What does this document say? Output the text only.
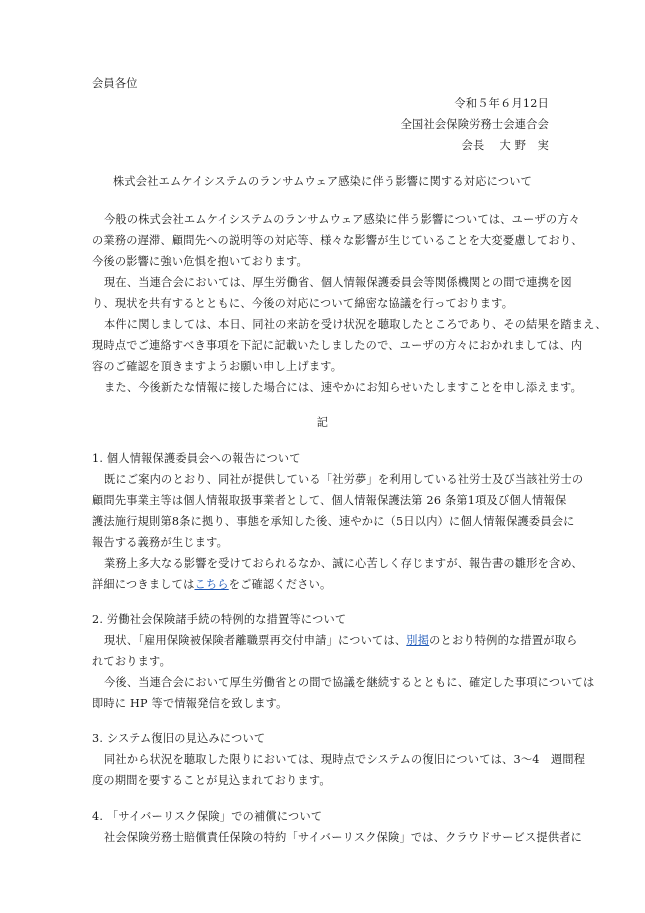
会員各位
令和５年６月12日
全国社会保険労務士会連合会
会長　 大 野　実
株式会社エムケイシステムのランサムウェア感染に伴う影響に関する対応について
今般の株式会社エムケイシステムのランサムウェア感染に伴う影響については、ユーザの方々
の業務の遅滞、顧問先への説明等の対応等、様々な影響が生じていることを大変憂慮しており、
今後の影響に強い危惧を抱いております。
現在、当連合会においては、厚生労働省、個人情報保護委員会等関係機関との間で連携を図
り、現状を共有するとともに、今後の対応について綿密な協議を行っております。
本件に関しましては、本日、同社の来訪を受け状況を聴取したところであり、その結果を踏まえ、
現時点でご連絡すべき事項を下記に記載いたしましたので、ユーザの方々におかれましては、内
容のご確認を頂きますようお願い申し上げます。
また、今後新たな情報に接した場合には、速やかにお知らせいたしますことを申し添えます。
記
1. 個人情報保護委員会への報告について
既にご案内のとおり、同社が提供している「社労夢」を利用している社労士及び当該社労士の
顧問先事業主等は個人情報取扱事業者として、個人情報保護法第 26 条第1項及び個人情報保
護法施行規則第8条に拠り、事態を承知した後、速やかに（5日以内）に個人情報保護委員会に
報告する義務が生じます。
業務上多大なる影響を受けておられるなか、誠に心苦しく存じますが、報告書の雛形を含め、
詳細につきましてはこちらをご確認ください。
2. 労働社会保険諸手続の特例的な措置等について
現状、「雇用保険被保険者離職票再交付申請」については、別掲のとおり特例的な措置が取ら
れております。
今後、当連合会において厚生労働省との間で協議を継続するとともに、確定した事項については
即時に HP 等で情報発信を致します。
3. システム復旧の見込みについて
同社から状況を聴取した限りにおいては、現時点でシステムの復旧については、3～4　週間程
度の期間を要することが見込まれております。
4. 「サイバーリスク保険」での補償について
社会保険労務士賠償責任保険の特約「サイバーリスク保険」では、クラウドサービス提供者に
